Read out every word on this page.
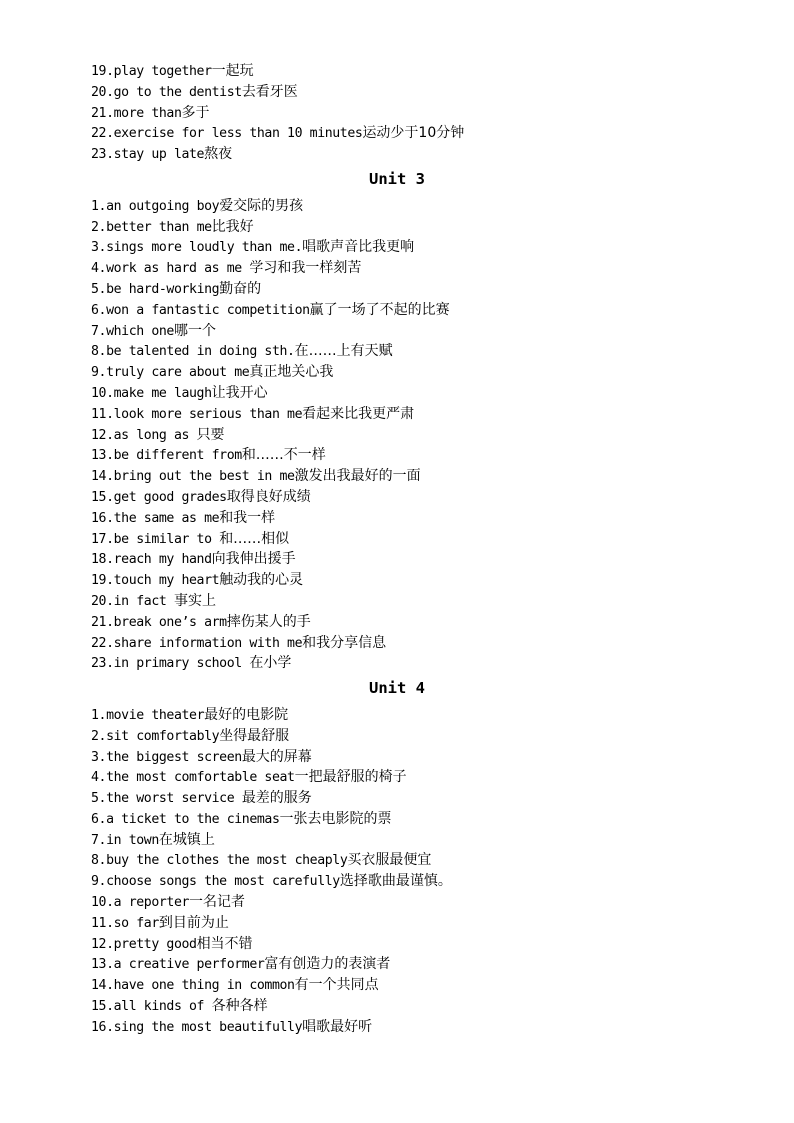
19.play together一起玩
20.go to the dentist去看牙医
21.more than多于
22.exercise for less than 10 minutes运动少于10分钟
23.stay up late熬夜
Unit 3
1.an outgoing boy爱交际的男孩
2.better than me比我好
3.sings more loudly than me.唱歌声音比我更响
4.work as hard as me 学习和我一样刻苦
5.be hard-working勤奋的
6.won a fantastic competition赢了一场了不起的比赛
7.which one哪一个
8.be talented in doing sth.在……上有天赋
9.truly care about me真正地关心我
10.make me laugh让我开心
11.look more serious than me看起来比我更严肃
12.as long as 只要
13.be different from和……不一样
14.bring out the best in me激发出我最好的一面
15.get good grades取得良好成绩
16.the same as me和我一样
17.be similar to 和……相似
18.reach my hand向我伸出援手
19.touch my heart触动我的心灵
20.in fact 事实上
21.break one’s arm摔伤某人的手
22.share information with me和我分享信息
23.in primary school 在小学
Unit 4
1.movie theater最好的电影院
2.sit comfortably坐得最舒服
3.the biggest screen最大的屏幕
4.the most comfortable seat一把最舒服的椅子
5.the worst service 最差的服务
6.a ticket to the cinemas一张去电影院的票
7.in town在城镇上
8.buy the clothes the most cheaply买衣服最便宜
9.choose songs the most carefully选择歌曲最谨慎。
10.a reporter一名记者
11.so far到目前为止
12.pretty good相当不错
13.a creative performer富有创造力的表演者
14.have one thing in common有一个共同点
15.all kinds of 各种各样
16.sing the most beautifully唱歌最好听
